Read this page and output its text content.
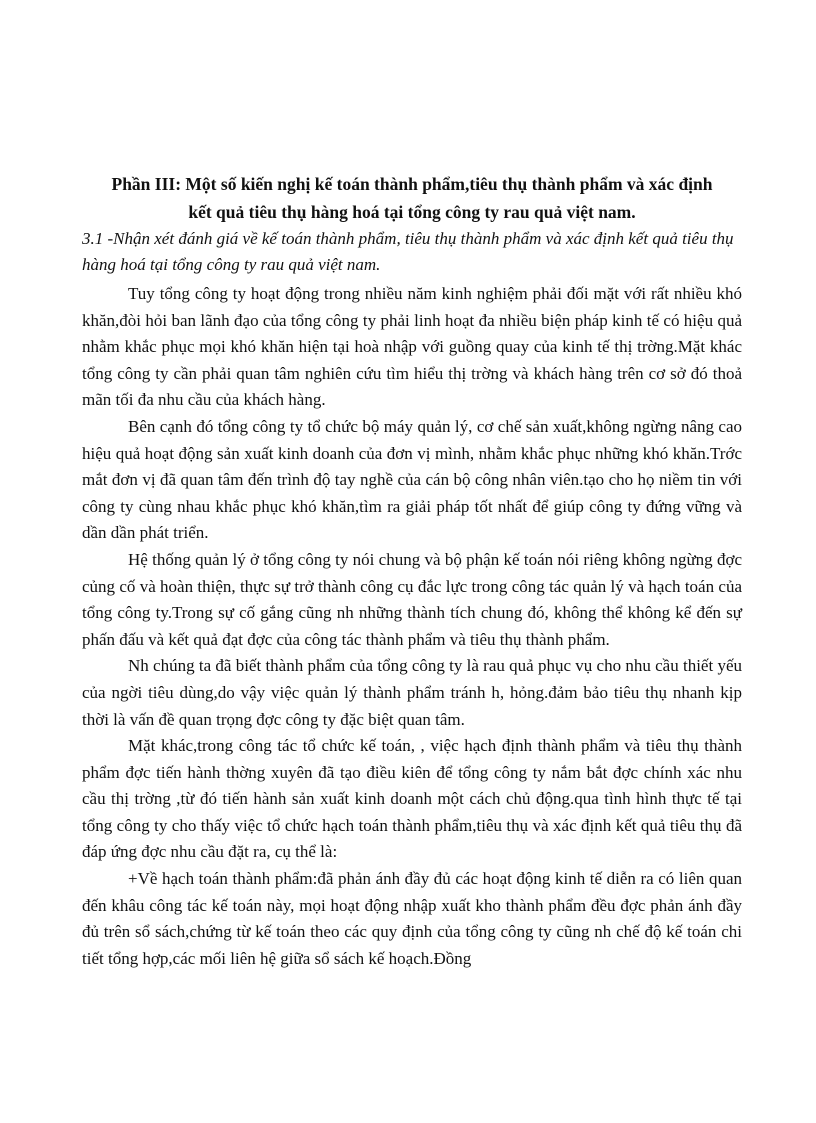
Phần III: Một số kiến nghị kế toán thành phẩm,tiêu thụ thành phẩm và xác định

kết quả tiêu thụ hàng hoá tại tổng công ty rau quả việt nam.

3.1 -Nhận xét đánh giá về kế toán thành phẩm, tiêu thụ thành phẩm và xác định kết quả tiêu thụ hàng hoá tại tổng công ty rau quả việt nam.

Tuy tổng công ty hoạt động trong nhiều năm kinh nghiệm phải đối mặt với rất nhiều khó khăn,đòi hỏi ban lãnh đạo của tổng công ty phải linh hoạt đa nhiều biện pháp kinh tế có hiệu quả nhằm khắc phục mọi khó khăn hiện tại hoà nhập với guồng quay của kinh tế thị trờng.Mặt khác tổng công ty cần phải quan tâm nghiên cứu tìm hiểu thị trờng và khách hàng trên cơ sở đó thoả mãn tối đa nhu cầu của khách hàng.

Bên cạnh đó tổng công ty tổ chức bộ máy quản lý, cơ chế sản xuất,không ngừng nâng cao hiệu quả hoạt động sản xuất kinh doanh của đơn vị mình, nhằm khắc phục những khó khăn.Trớc mắt đơn vị đã quan tâm đến trình độ tay nghề của cán bộ công nhân viên.tạo cho họ niềm tin với công ty cùng nhau khắc phục khó khăn,tìm ra giải pháp tốt nhất để giúp công ty đứng vững và dần dần phát triển.

Hệ thống quản lý ở tổng công ty nói chung và bộ phận kế toán nói riêng không ngừng đợc củng cố và hoàn thiện, thực sự trở thành công cụ đắc lực trong công tác quản lý và hạch toán của tổng công ty.Trong sự cố gắng cũng nh những thành tích chung đó, không thể không kể đến sự phấn đấu và kết quả đạt đợc của công tác thành phẩm và tiêu thụ thành phẩm.

Nh chúng ta đã biết thành phẩm của tổng công ty là rau quả phục vụ cho nhu cầu thiết yếu của ngời tiêu dùng,do vậy việc quản lý thành phẩm tránh h, hỏng.đảm bảo tiêu thụ nhanh kịp thời là vấn đề quan trọng đợc công ty đặc biệt quan tâm.

Mặt khác,trong công tác tổ chức kế toán, , việc hạch định thành phẩm và tiêu thụ thành phẩm đợc tiến hành thờng xuyên đã tạo điều kiên để tổng công ty nắm bắt đợc chính xác nhu cầu thị trờng ,từ đó tiến hành sản xuất kinh doanh một cách chủ động.qua tình hình thực tế tại tổng công ty cho thấy việc tổ chức hạch toán thành phẩm,tiêu thụ và xác định kết quả tiêu thụ đã đáp ứng đợc nhu cầu đặt ra, cụ thể là:

+Về hạch toán thành phẩm:đã phản ánh đầy đủ các hoạt động kinh tế diễn ra có liên quan đến khâu công tác kế toán này, mọi hoạt động nhập xuất kho thành phẩm đều đợc phản ánh đầy đủ trên sổ sách,chứng từ kế toán theo các quy định của tổng công ty cũng nh chế độ kế toán chi tiết tổng hợp,các mối liên hệ giữa sổ sách kế hoạch.Đồng
